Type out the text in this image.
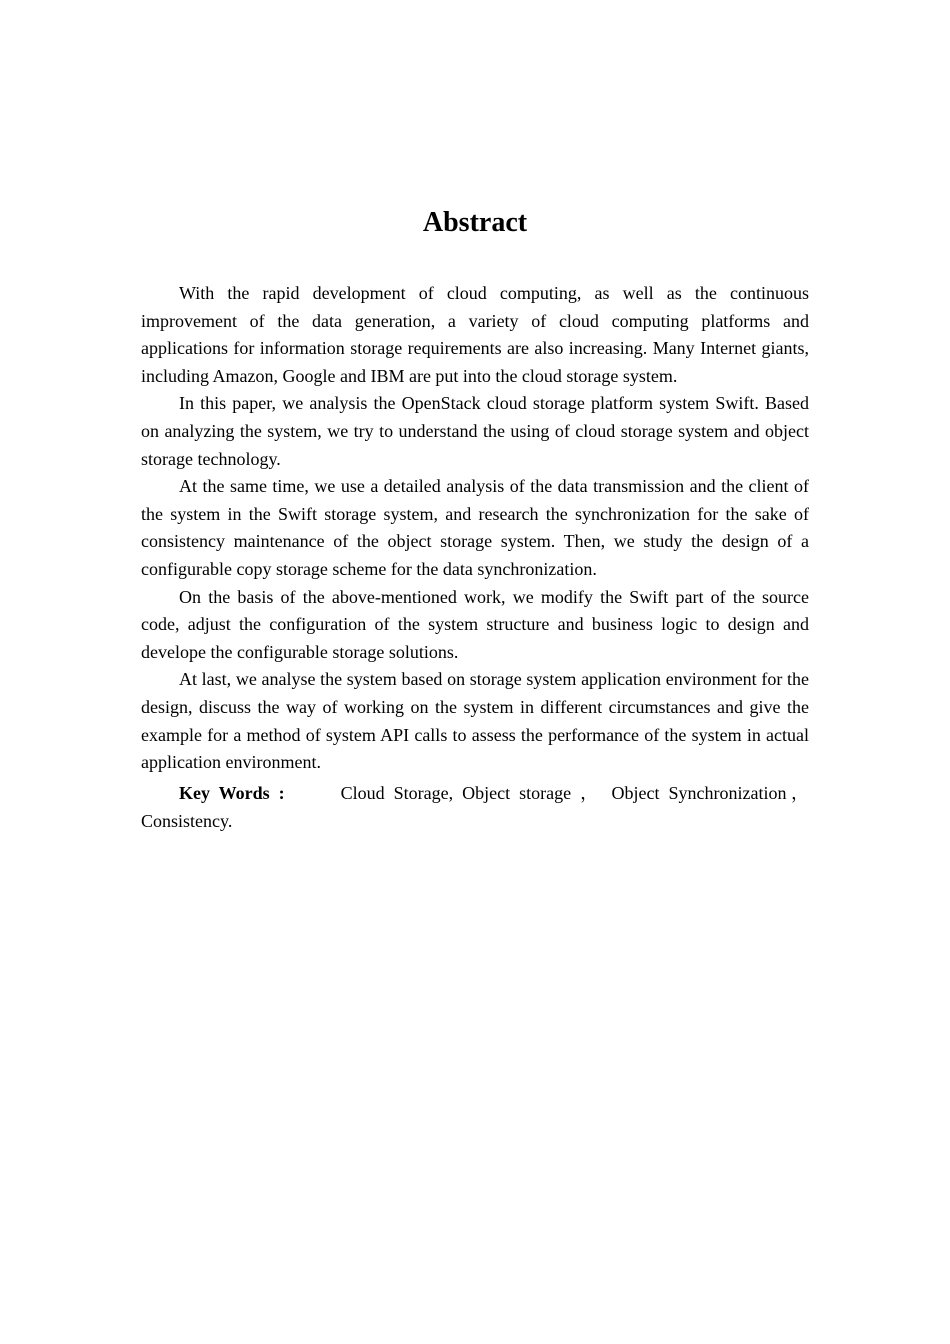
Abstract

With the rapid development of cloud computing, as well as the continuous improvement of the data generation, a variety of cloud computing platforms and applications for information storage requirements are also increasing. Many Internet giants, including Amazon, Google and IBM are put into the cloud storage system.

In this paper, we analysis the OpenStack cloud storage platform system Swift. Based on analyzing the system, we try to understand the using of cloud storage system and object storage technology.

At the same time, we use a detailed analysis of the data transmission and the client of the system in the Swift storage system, and research the synchronization for the sake of consistency maintenance of the object storage system. Then, we study the design of a configurable copy storage scheme for the data synchronization.

On the basis of the above-mentioned work, we modify the Swift part of the source code, adjust the configuration of the system structure and business logic to design and develope the configurable storage solutions.

At last, we analyse the system based on storage system application environment for the design, discuss the way of working on the system in different circumstances and give the example for a method of system API calls to assess the performance of the system in actual application environment.

Key Words :	Cloud Storage, Object storage ， Object Synchronization，Consistency.
